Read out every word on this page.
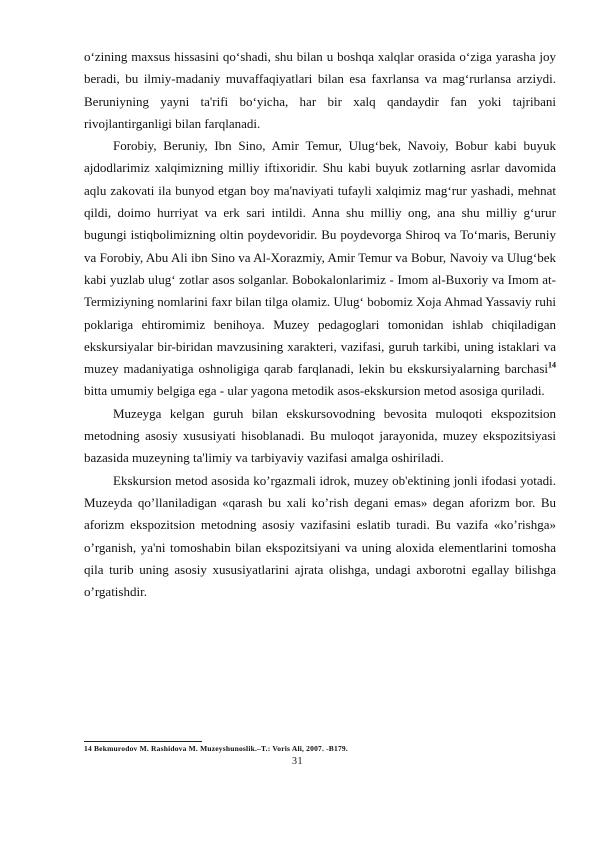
o‘zining maxsus hissasini qo‘shadi, shu bilan u boshqa xalqlar orasida o‘ziga yarasha joy beradi, bu ilmiy-madaniy muvaffaqiyatlari bilan esa faxrlansa va mag‘rurlansa arziydi. Beruniyning yayni ta'rifi bo‘yicha, har bir xalq qandaydir fan yoki tajribani rivojlantirganligi bilan farqlanadi.

Forobiy, Beruniy, Ibn Sino, Amir Temur, Ulug‘bek, Navoiy, Bobur kabi buyuk ajdodlarimiz xalqimizning milliy iftixoridir. Shu kabi buyuk zotlarning asrlar davomida aqlu zakovati ila bunyod etgan boy ma'naviyati tufayli xalqimiz mag‘rur yashadi, mehnat qildi, doimo hurriyat va erk sari intildi. Anna shu milliy ong, ana shu milliy g‘urur bugungi istiqbolimizning oltin poydevoridir. Bu poydevorga Shiroq va To‘maris, Beruniy va Forobiy, Abu Ali ibn Sino va Al-Xorazmiy, Amir Temur va Bobur, Navoiy va Ulug‘bek kabi yuzlab ulug‘ zotlar asos solganlar. Bobokalonlarimiz - Imom al-Buxoriy va Imom at-Termiziyning nomlarini faxr bilan tilga olamiz. Ulug‘ bobomiz Xoja Ahmad Yassaviy ruhi poklariga ehtiromimiz benihoya. Muzey pedagoglari tomonidan ishlab chiqiladigan ekskursiyalar bir-biridan mavzusining xarakteri, vazifasi, guruh tarkibi, uning istaklari va muzey madaniyatiga oshnoligiga qarab farqlanadi, lekin bu ekskursiyalarning barchasi$^{14}$ bitta umumiy belgiga ega - ular yagona metodik asos-ekskursion metod asosiga quriladi.

Muzeyga kelgan guruh bilan ekskursovodning bevosita muloqoti ekspozitsion metodning asosiy xususiyati hisoblanadi. Bu muloqot jarayonida, muzey ekspozitsiyasi bazasida muzeyning ta'limiy va tarbiyaviy vazifasi amalga oshiriladi.

Ekskursion metod asosida ko’rgazmali idrok, muzey ob'ektining jonli ifodasi yotadi. Muzeyda qo’llaniladigan «qarash bu xali ko’rish degani emas» degan aforizm bor. Bu aforizm ekspozitsion metodning asosiy vazifasini eslatib turadi. Bu vazifa «ko’rishga» o’rganish, ya'ni tomoshabin bilan ekspozitsiyani va uning aloxida elementlarini tomosha qila turib uning asosiy xususiyatlarini ajrata olishga, undagi axborotni egallay bilishga o’rgatishdir.

14 Bekmurodov M. Rashidova M. Muzeyshunoslik.–T.: Voris Ali, 2007. -B179.
31
